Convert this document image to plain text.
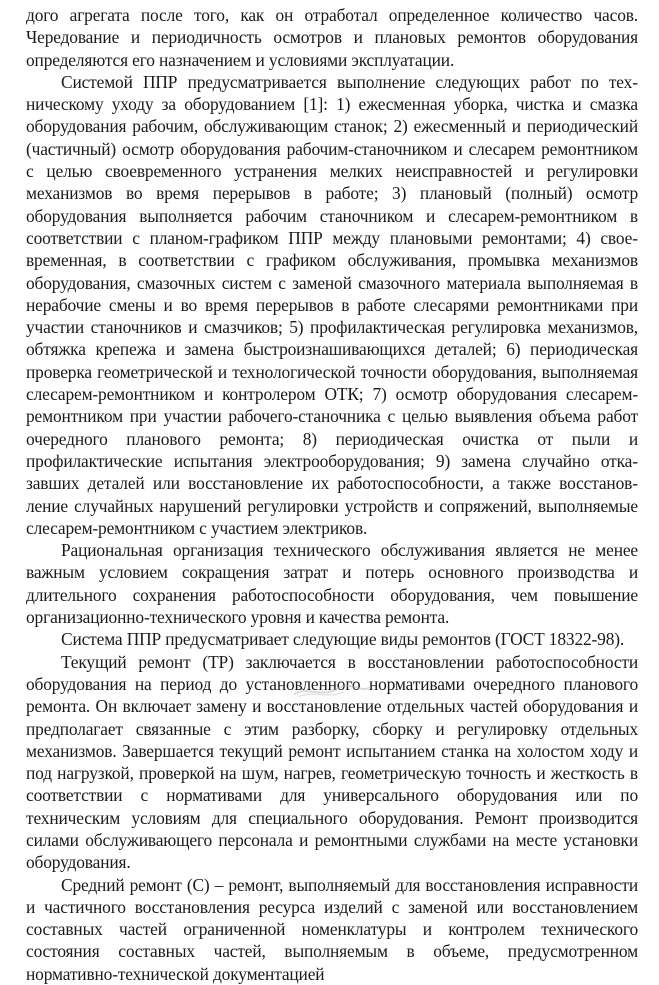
дого агрегата после того, как он отработал определенное количество часов. Чередование и периодичность осмотров и плановых ремонтов оборудования определяются его назначением и условиями эксплуатации.

Системой ППР предусматривается выполнение следующих работ по техническому уходу за оборудованием [1]: 1) ежесменная уборка, чистка и смазка оборудования рабочим, обслуживающим станок; 2) ежесменный и периодический (частичный) осмотр оборудования рабочим-станочником и слесарем ремонтником с целью своевременного устранения мелких неисправностей и регулировки механизмов во время перерывов в работе; 3) плановый (полный) осмотр оборудования выполняется рабочим станочником и слесарем-ремонтником в соответствии с планом-графиком ППР между плановыми ремонтами; 4) своевременная, в соответствии с графиком обслуживания, промывка механизмов оборудования, смазочных систем с заменой смазочного материала выполняемая в нерабочие смены и во время перерывов в работе слесарями ремонтниками при участии станочников и смазчиков; 5) профилактическая регулировка механизмов, обтяжка крепежа и замена быстроизнашивающихся деталей; 6) периодическая проверка геометрической и технологической точности оборудования, выполняемая слесарем-ремонтником и контролером ОТК; 7) осмотр оборудования слесарем-ремонтником при участии рабочего-станочника с целью выявления объема работ очередного планового ремонта; 8) периодическая очистка от пыли и профилактические испытания электрооборудования; 9) замена случайно отказавших деталей или восстановление их работоспособности, а также восстановление случайных нарушений регулировки устройств и сопряжений, выполняемые слесарем-ремонтником с участием электриков.

Рациональная организация технического обслуживания является не менее важным условием сокращения затрат и потерь основного производства и длительного сохранения работоспособности оборудования, чем повышение организационно-технического уровня и качества ремонта.

Система ППР предусматривает следующие виды ремонтов (ГОСТ 18322-98).

Текущий ремонт (ТР) заключается в восстановлении работоспособности оборудования на период до установленного нормативами очередного планового ремонта. Он включает замену и восстановление отдельных частей оборудования и предполагает связанные с этим разборку, сборку и регулировку отдельных механизмов. Завершается текущий ремонт испытанием станка на холостом ходу и под нагрузкой, проверкой на шум, нагрев, геометрическую точность и жесткость в соответствии с нормативами для универсального оборудования или по техническим условиям для специального оборудования. Ремонт производится силами обслуживающего персонала и ремонтными службами на месте установки оборудования.

Средний ремонт (С) – ремонт, выполняемый для восстановления исправности и частичного восстановления ресурса изделий с заменой или восстановлением составных частей ограниченной номенклатуры и контролем технического состояния составных частей, выполняемым в объеме, предусмотренном нормативно-технической документацией
